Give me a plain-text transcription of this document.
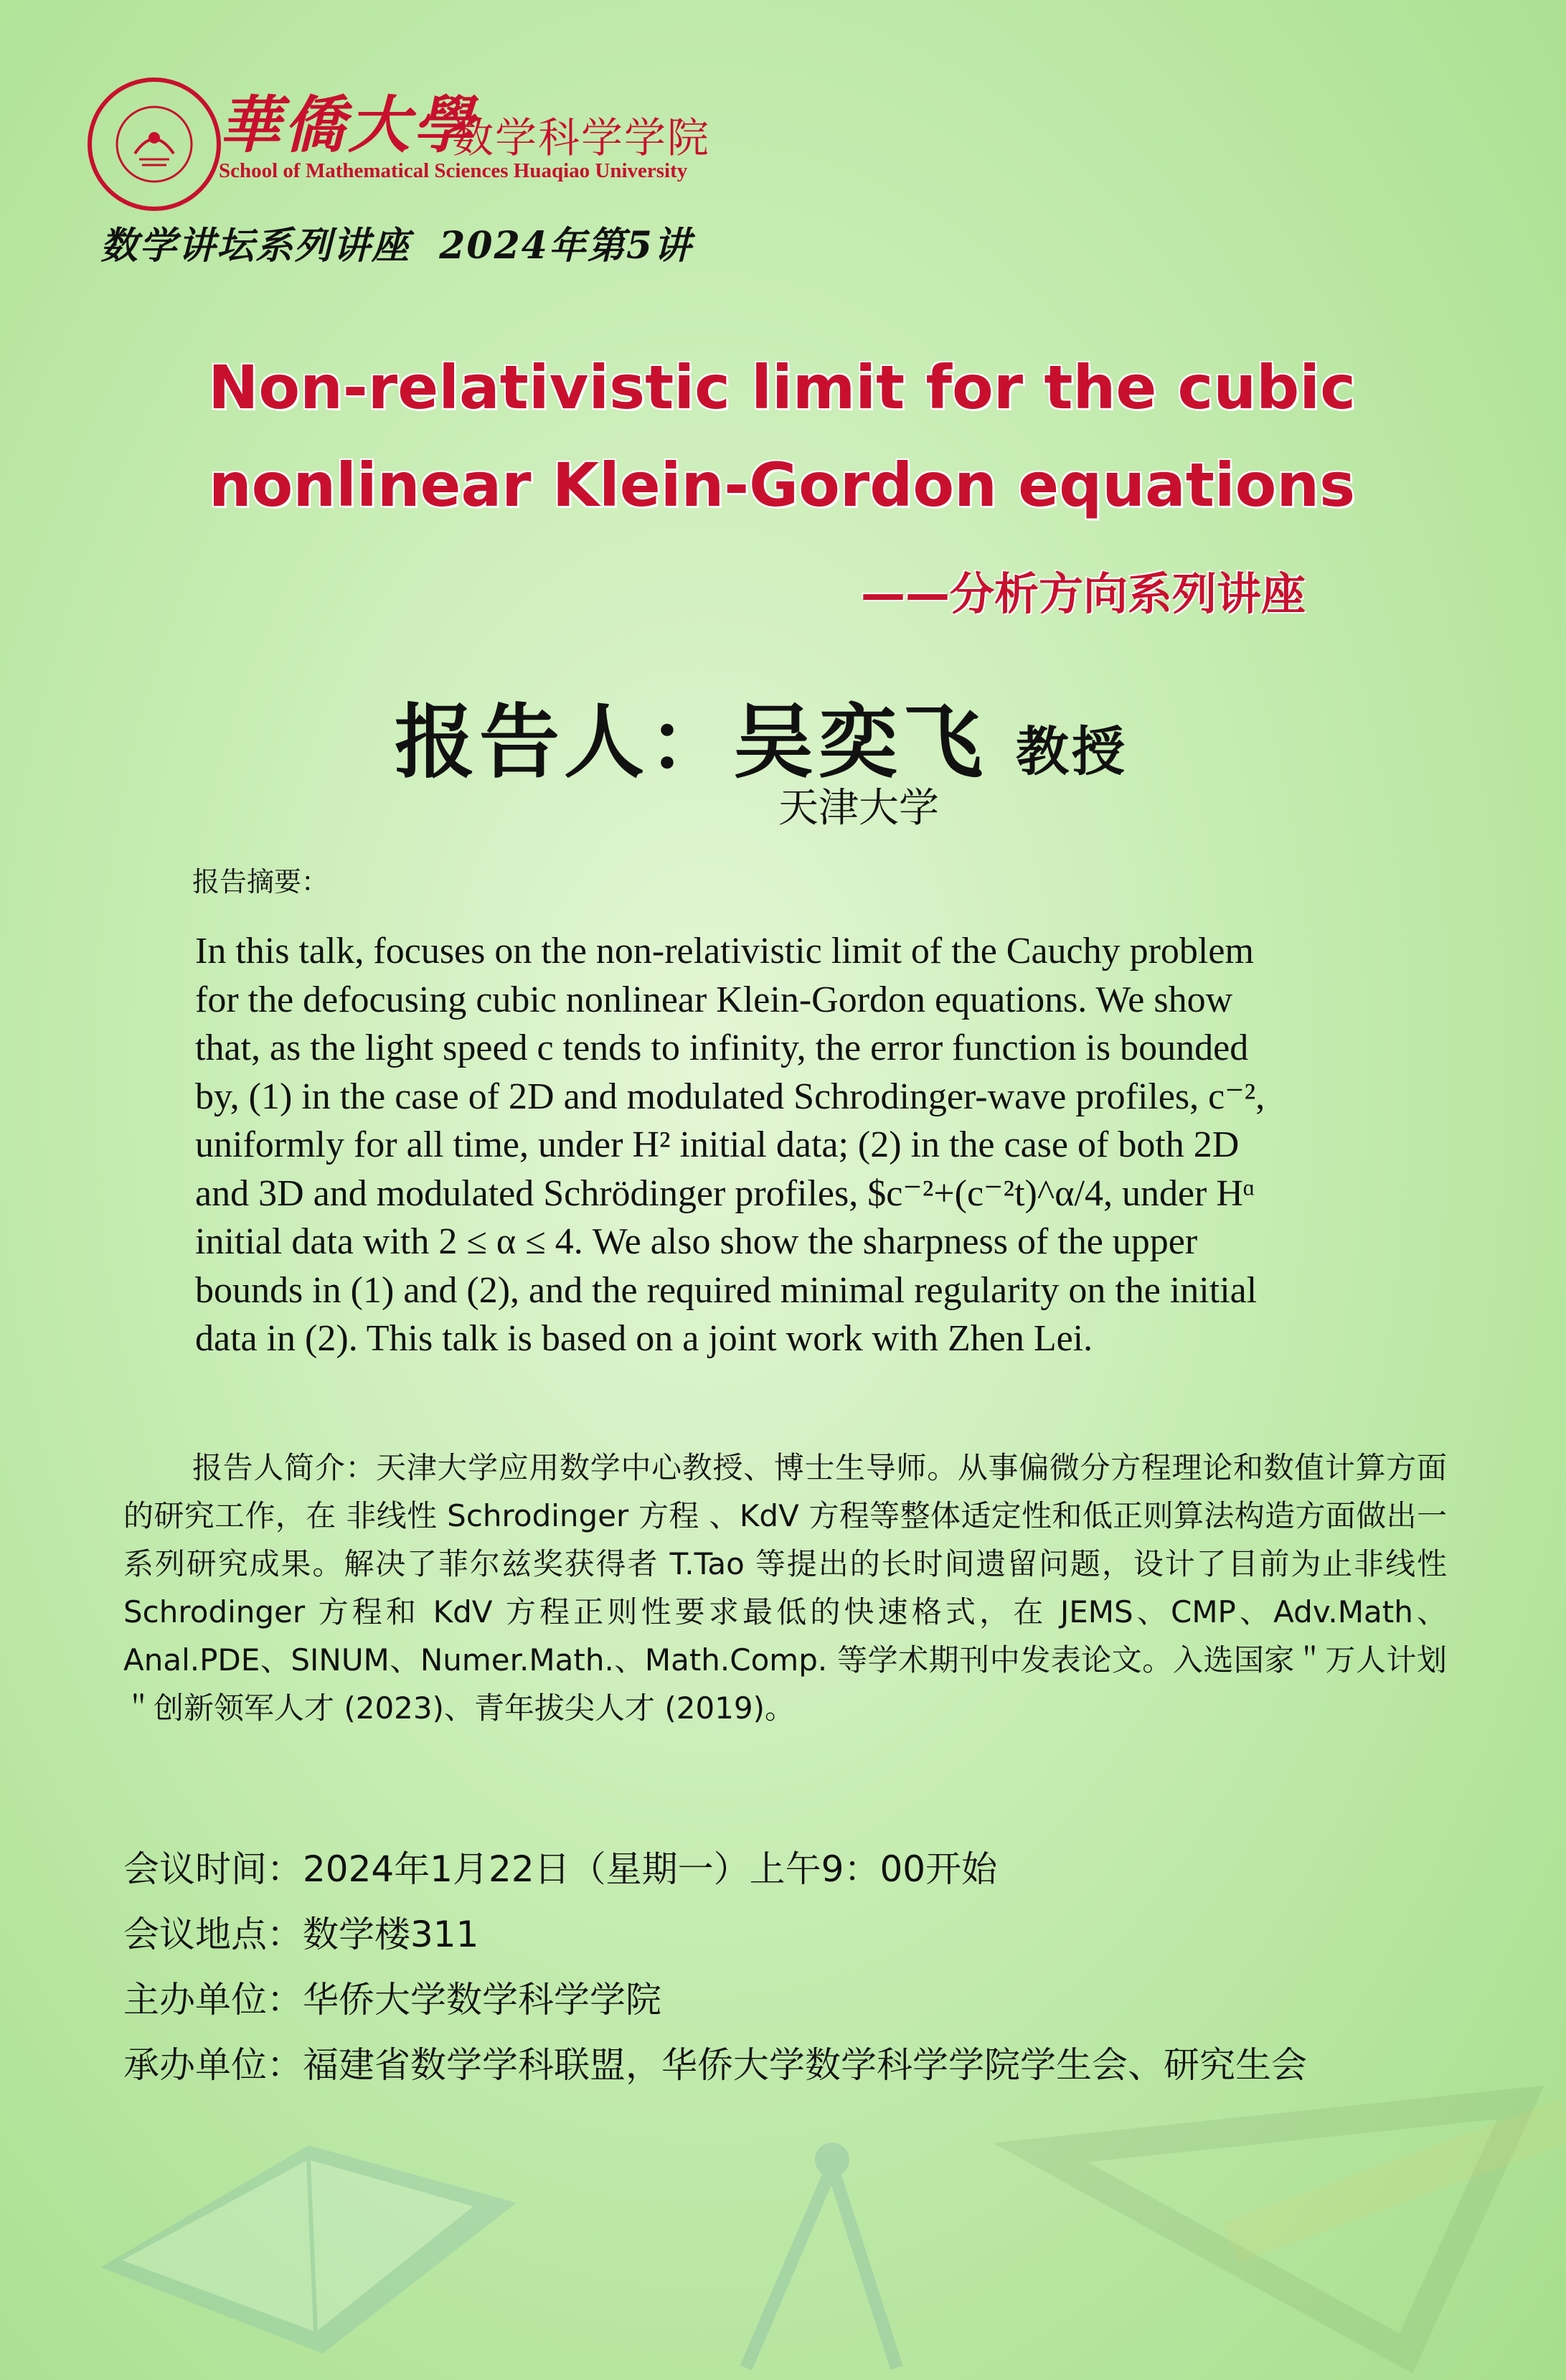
華僑大學
数学科学学院
School of Mathematical Sciences Huaqiao University
数学讲坛系列讲座  2024年第5讲
Non-relativistic limit for the cubic
nonlinear Klein-Gordon equations
——分析方向系列讲座
报告人：吴奕飞 教授
天津大学
报告摘要：
In this talk, focuses on the non-relativistic limit of the Cauchy problem
for the defocusing cubic nonlinear Klein-Gordon equations. We show
that, as the light speed c tends to infinity, the error function is bounded
by, (1) in the case of 2D and modulated Schrodinger-wave profiles, c⁻²,
uniformly for all time, under H² initial data; (2) in the case of both 2D
and 3D and modulated Schrödinger profiles, $c⁻²+(c⁻²t)^α/4, under Hᵅ
initial data with 2 ≤ α ≤ 4. We also show the sharpness of the upper
bounds in (1) and (2), and the required minimal regularity on the initial
data in (2). This talk is based on a joint work with Zhen Lei.
报告人简介：天津大学应用数学中心教授、博士生导师。从事偏微分方程理论和数值计算方面的研究工作，在 非线性 Schrodinger 方程 、KdV 方程等整体适定性和低正则算法构造方面做出一系列研究成果。解决了菲尔兹奖获得者 T.Tao 等提出的长时间遗留问题，设计了目前为止非线性 Schrodinger 方程和 KdV 方程正则性要求最低的快速格式，在 JEMS、CMP、Adv.Math、Anal.PDE、SINUM、Numer.Math.、Math.Comp. 等学术期刊中发表论文。入选国家＂万人计划＂创新领军人才 (2023)、青年拔尖人才 (2019)。
会议时间：2024年1月22日（星期一）上午9：00开始
会议地点：数学楼311
主办单位：华侨大学数学科学学院
承办单位：福建省数学学科联盟，华侨大学数学科学学院学生会、研究生会
